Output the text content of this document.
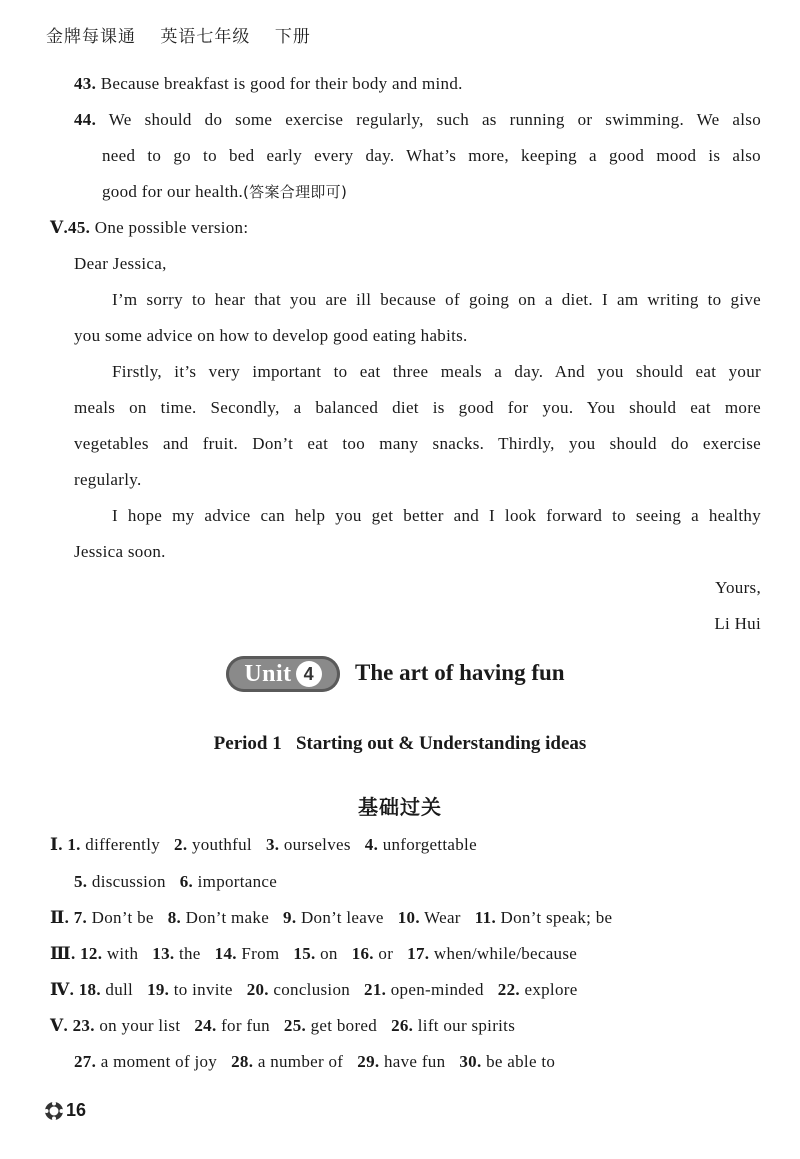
金牌每课通 英语七年级 下册
43. Because breakfast is good for their body and mind.
44. We should do some exercise regularly, such as running or swimming. We also
need to go to bed early every day. What’s more, keeping a good mood is also
good for our health.(答案合理即可)
Ⅴ.45. One possible version:
Dear Jessica,
I’m sorry to hear that you are ill because of going on a diet. I am writing to give
you some advice on how to develop good eating habits.
Firstly, it’s very important to eat three meals a day. And you should eat your
meals on time. Secondly, a balanced diet is good for you. You should eat more
vegetables and fruit. Don’t eat too many snacks. Thirdly, you should do exercise
regularly.
I hope my advice can help you get better and I look forward to seeing a healthy
Jessica soon.
Yours,
Li Hui
Unit 4	The art of having fun
Period 1   Starting out & Understanding ideas
基础过关
Ⅰ. 1. differently 2. youthful 3. ourselves 4. unforgettable
5. discussion 6. importance
Ⅱ. 7. Don’t be 8. Don’t make 9. Don’t leave 10. Wear 11. Don’t speak; be
Ⅲ. 12. with 13. the 14. From 15. on 16. or 17. when/while/because
Ⅳ. 18. dull 19. to invite 20. conclusion 21. open-minded 22. explore
Ⅴ. 23. on your list 24. for fun 25. get bored 26. lift our spirits
27. a moment of joy 28. a number of 29. have fun 30. be able to
16
